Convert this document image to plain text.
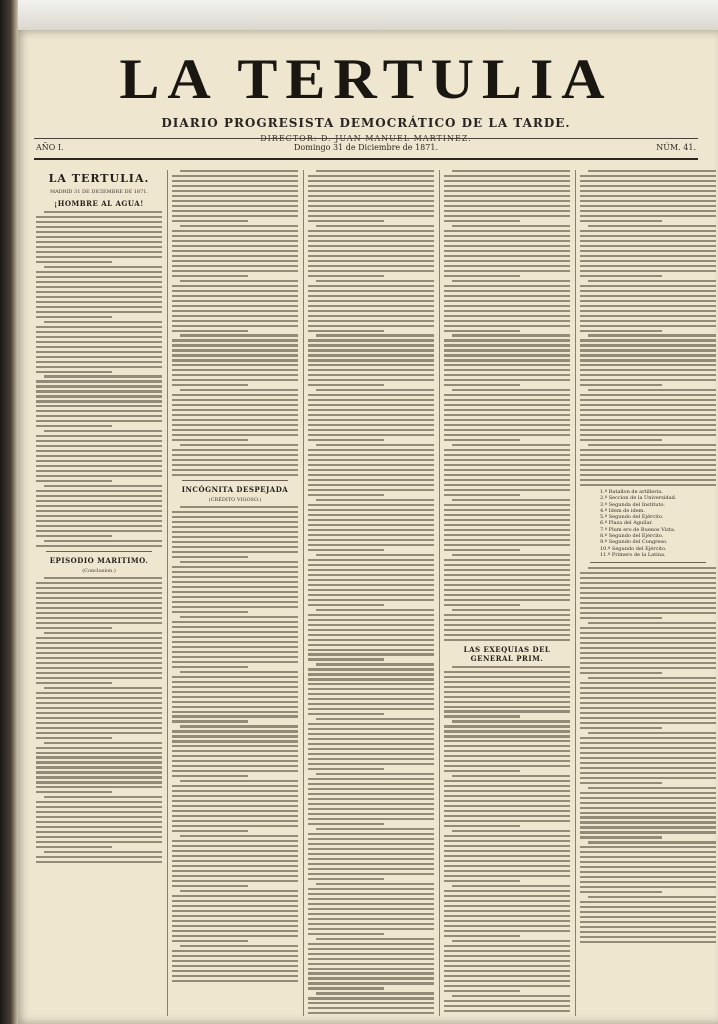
LA TERTULIA
DIARIO PROGRESISTA DEMOCRÁTICO DE LA TARDE.
DIRECTOR: D. JUAN MANUEL MARTINEZ.
AÑO I.	Domingo 31 de Diciembre de 1871.	NÚM. 41.
LA TERTULIA.
MADRID 31 DE DICIEMBRE DE 1871.
¡HOMBRE AL AGUA!
EPISODIO MARITIMO.
(Conclusion.)
INCÓGNITA DESPEJADA
(CRÉDITO VIGOSO.)
LAS EXEQUIAS DEL GENERAL PRIM.
1.º Batallon de artilleria.
2.º Seccion de la Universidad.
3.º Segunda del Instituto.
4.º Idem de idem.
5.º Segundo del Ejército.
6.º Plaza del Aguilar.
7.º Plum ero de Buenos Vista.
8.º Segundo del Ejército.
9.º Segundo del Congreso.
10.º Segundo del Ejército.
11.º Primero de la Latina.
